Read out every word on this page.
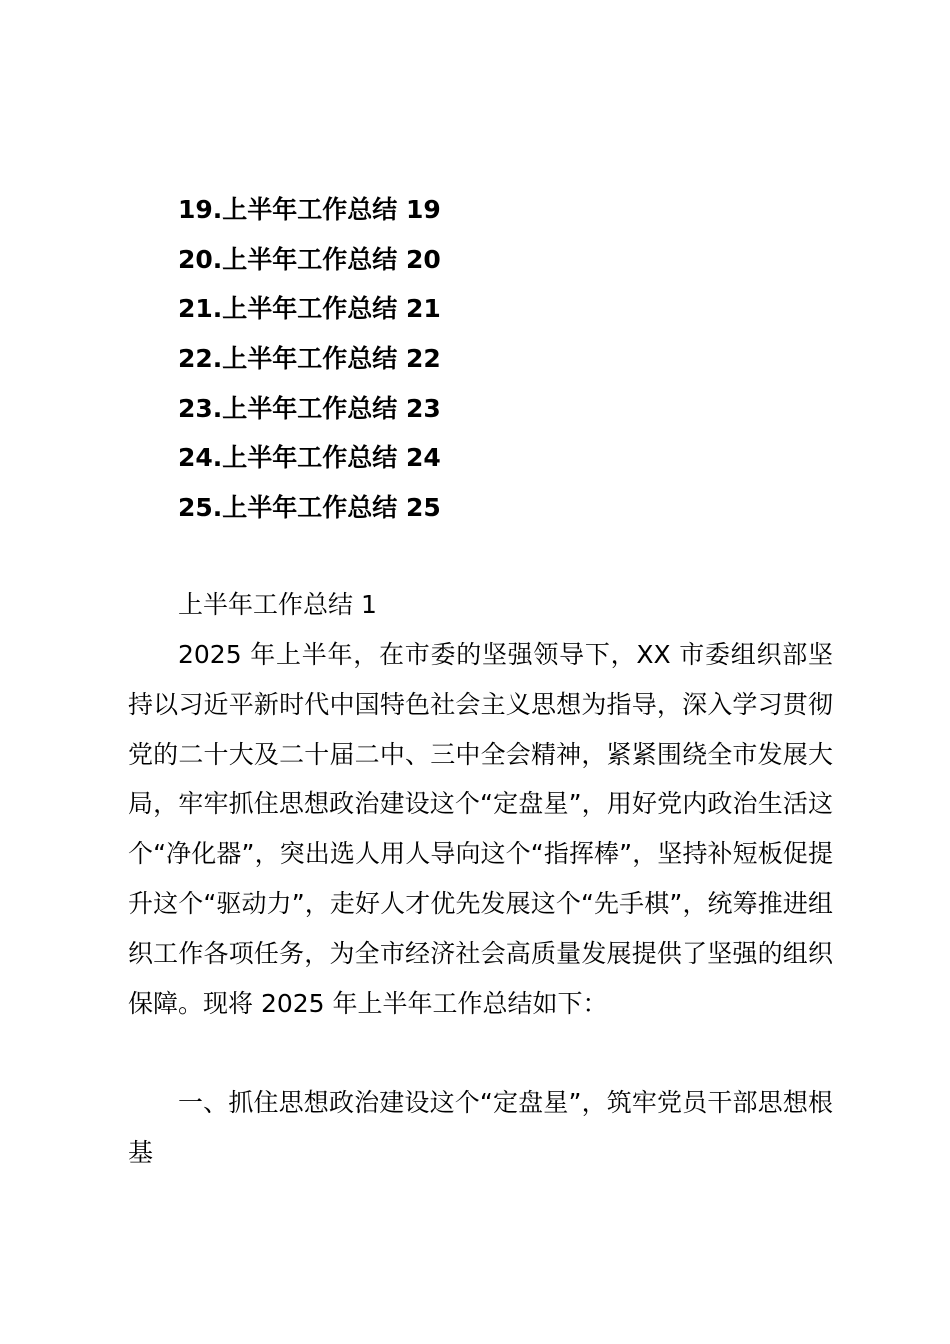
19.上半年工作总结 19
20.上半年工作总结 20
21.上半年工作总结 21
22.上半年工作总结 22
23.上半年工作总结 23
24.上半年工作总结 24
25.上半年工作总结 25
上半年工作总结 1

2025 年上半年，在市委的坚强领导下，XX 市委组织部坚持以习近平新时代中国特色社会主义思想为指导，深入学习贯彻党的二十大及二十届二中、三中全会精神，紧紧围绕全市发展大局，牢牢抓住思想政治建设这个“定盘星”，用好党内政治生活这个“净化器”，突出选人用人导向这个“指挥棒”，坚持补短板促提升这个“驱动力”，走好人才优先发展这个“先手棋”，统筹推进组织工作各项任务，为全市经济社会高质量发展提供了坚强的组织保障。现将 2025 年上半年工作总结如下：

一、抓住思想政治建设这个“定盘星”，筑牢党员干部思想根基
